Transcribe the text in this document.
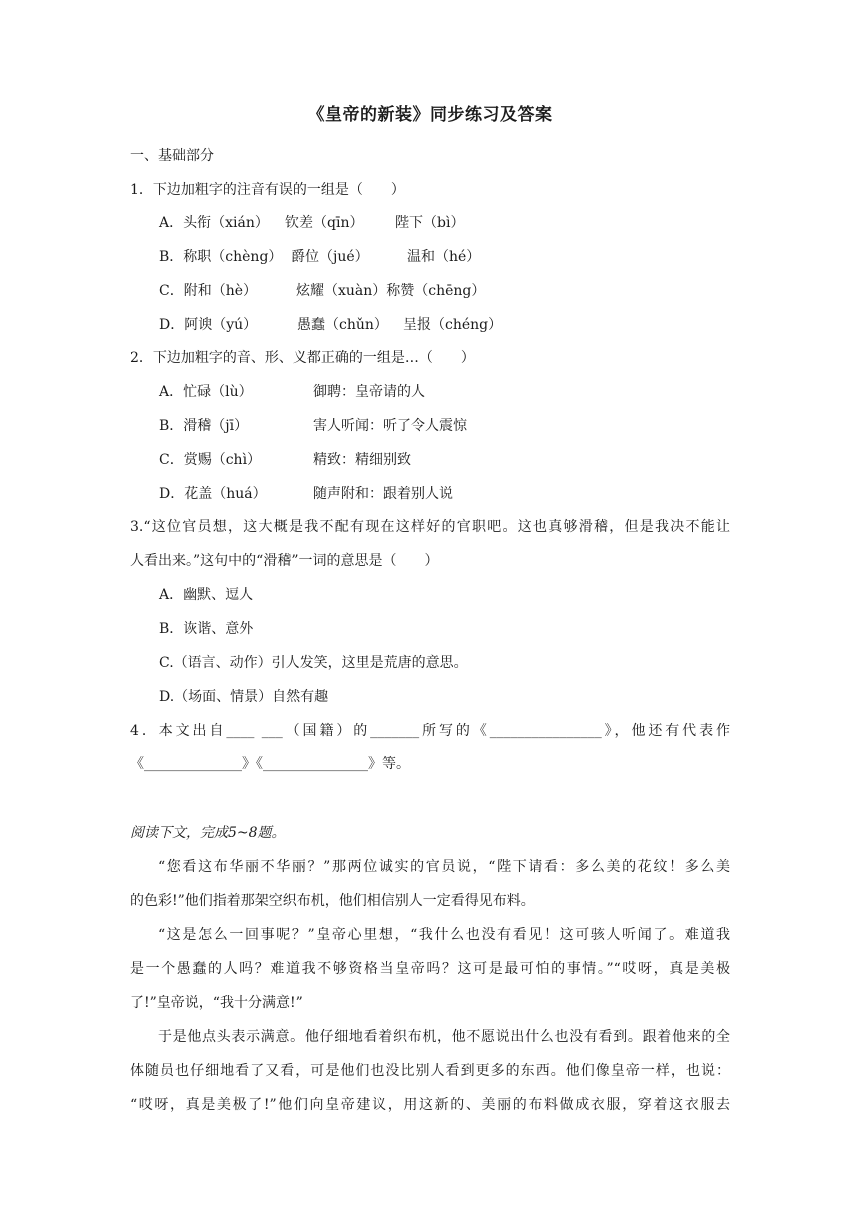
《皇帝的新装》同步练习及答案
一、基础部分
1．下边加粗字的注音有误的一组是（　　）
A．头衔（xián） 钦差（qīn） 陛下（bì）
B．称职（chèng） 爵位（jué）	温和（hé）
C．附和（hè）	炫耀（xuàn）称赞（chēng）
D．阿谀（yú）	愚蠢（chǔn） 呈报（chéng）
2．下边加粗字的音、形、义都正确的一组是…（　　）
A．忙碌（lù）	御聘：皇帝请的人
B．滑稽（jī）	害人听闻：听了令人震惊
C．赏赐（chì）	精致：精细别致
D．花盖（huá）	随声附和：跟着别人说
3.“这位官员想，这大概是我不配有现在这样好的官职吧。这也真够滑稽，但是我决不能让
人看出来。”这句中的“滑稽”一词的意思是（　　）
A．幽默、逗人
B．诙谐、意外
C.（语言、动作）引人发笑，这里是荒唐的意思。
D.（场面、情景）自然有趣
4．本文出自____ ___（国籍）的_______所写的《________________》，他还有代表作
《______________》《_______________》等。
阅读下文，完成5~8题。
“您看这布华丽不华丽？”那两位诚实的官员说，“陛下请看：多么美的花纹！多么美
的色彩!”他们指着那架空织布机，他们相信别人一定看得见布料。
“这是怎么一回事呢？”皇帝心里想，“我什么也没有看见！这可骇人听闻了。难道我
是一个愚蠢的人吗？难道我不够资格当皇帝吗？这可是最可怕的事情。”“哎呀，真是美极
了!”皇帝说，“我十分满意!”
于是他点头表示满意。他仔细地看着织布机，他不愿说出什么也没有看到。跟着他来的全
体随员也仔细地看了又看，可是他们也没比别人看到更多的东西。他们像皇帝一样，也说：
“哎呀，真是美极了!”他们向皇帝建议，用这新的、美丽的布料做成衣服，穿着这衣服去
